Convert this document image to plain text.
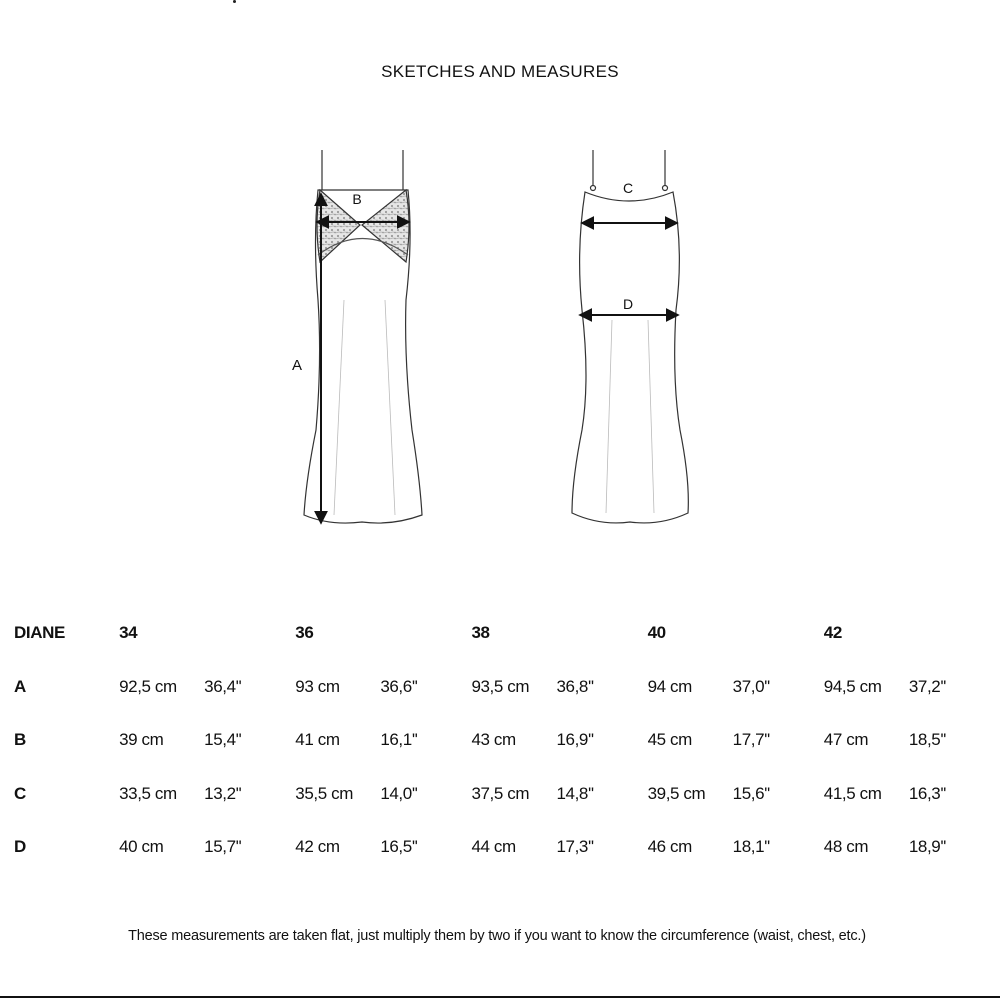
SKETCHES AND MEASURES
B
A
C
D
DIANE	34		36		38		40		42	
A	92,5 cm	36,4''	93 cm	36,6''	93,5 cm	36,8''	94 cm	37,0''	94,5 cm	37,2''
B	39 cm	15,4''	41 cm	16,1''	43 cm	16,9''	45 cm	17,7''	47 cm	18,5''
C	33,5 cm	13,2''	35,5 cm	14,0''	37,5 cm	14,8''	39,5 cm	15,6''	41,5 cm	16,3''
D	40 cm	15,7''	42 cm	16,5''	44 cm	17,3''	46 cm	18,1''	48 cm	18,9''
These measurements are taken flat, just multiply them by two if you want to know the circumference (waist, chest, etc.)
